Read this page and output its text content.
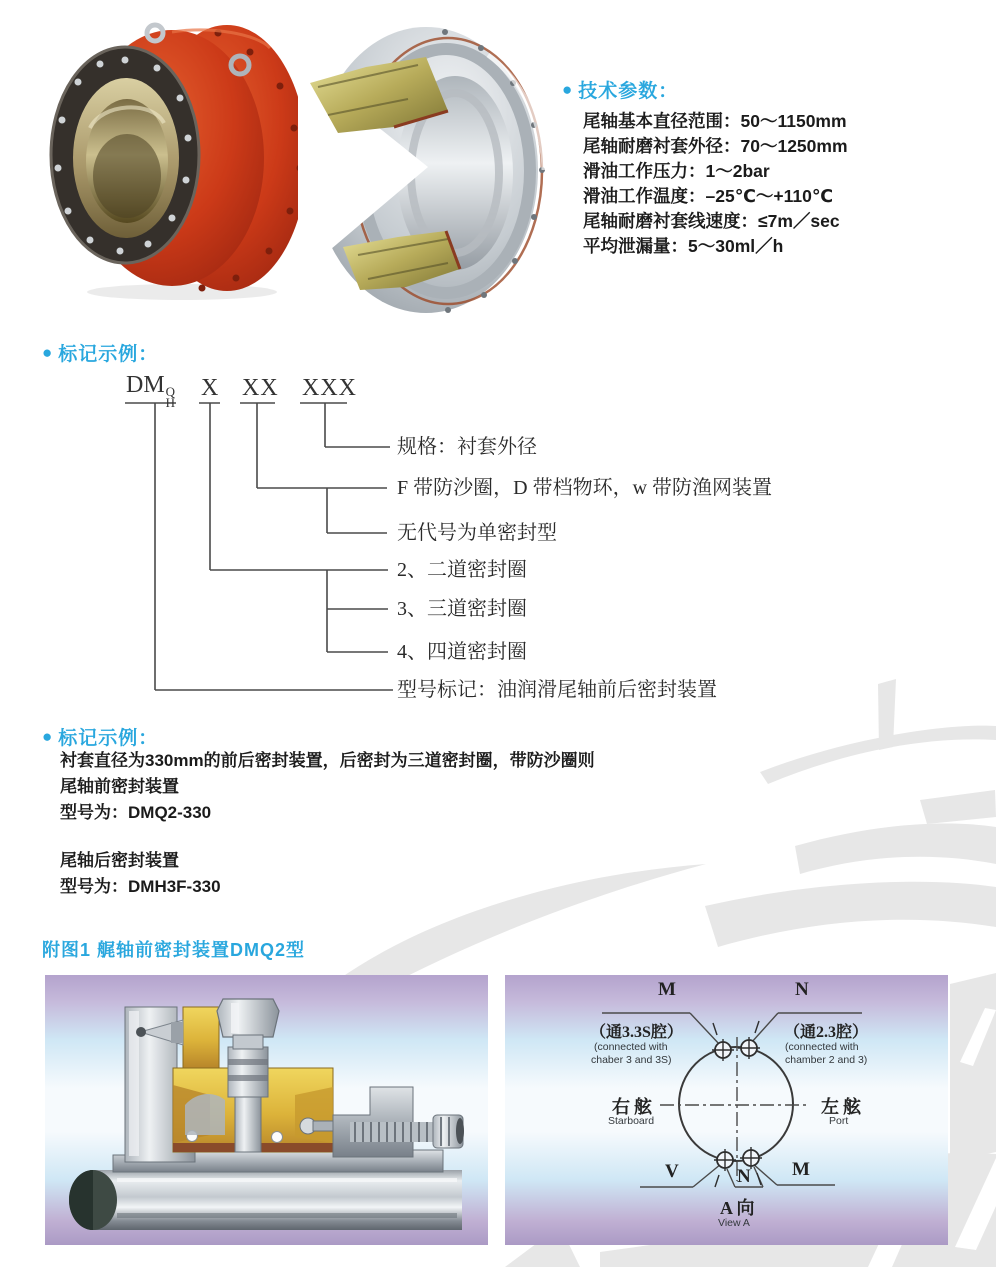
● 技术参数：
尾轴基本直径范围：50～1150mm
尾轴耐磨衬套外径：70～1250mm
滑油工作压力：1～2bar
滑油工作温度：–25℃～+110℃
尾轴耐磨衬套线速度：≤7m／sec
平均泄漏量：5～30ml／h
● 标记示例：
DM Q
H
X XX XXX
规格：衬套外径
F 带防沙圈，D 带档物环，w 带防渔网装置
无代号为单密封型
2、二道密封圈
3、三道密封圈
4、四道密封圈
型号标记：油润滑尾轴前后密封装置
● 标记示例：
衬套直径为330mm的前后密封装置，后密封为三道密封圈，带防沙圈则
尾轴前密封装置
型号为：DMQ2-330
尾轴后密封装置
型号为：DMH3F-330
附图1 艉轴前密封装置DMQ2型
M	N
（通3.3S腔）
(connected with
chaber 3 and 3S)
（通2.3腔）
(connected with
chamber 2 and 3)
右舷
Starboard
左舷
Port
V	N M
A 向
View A
